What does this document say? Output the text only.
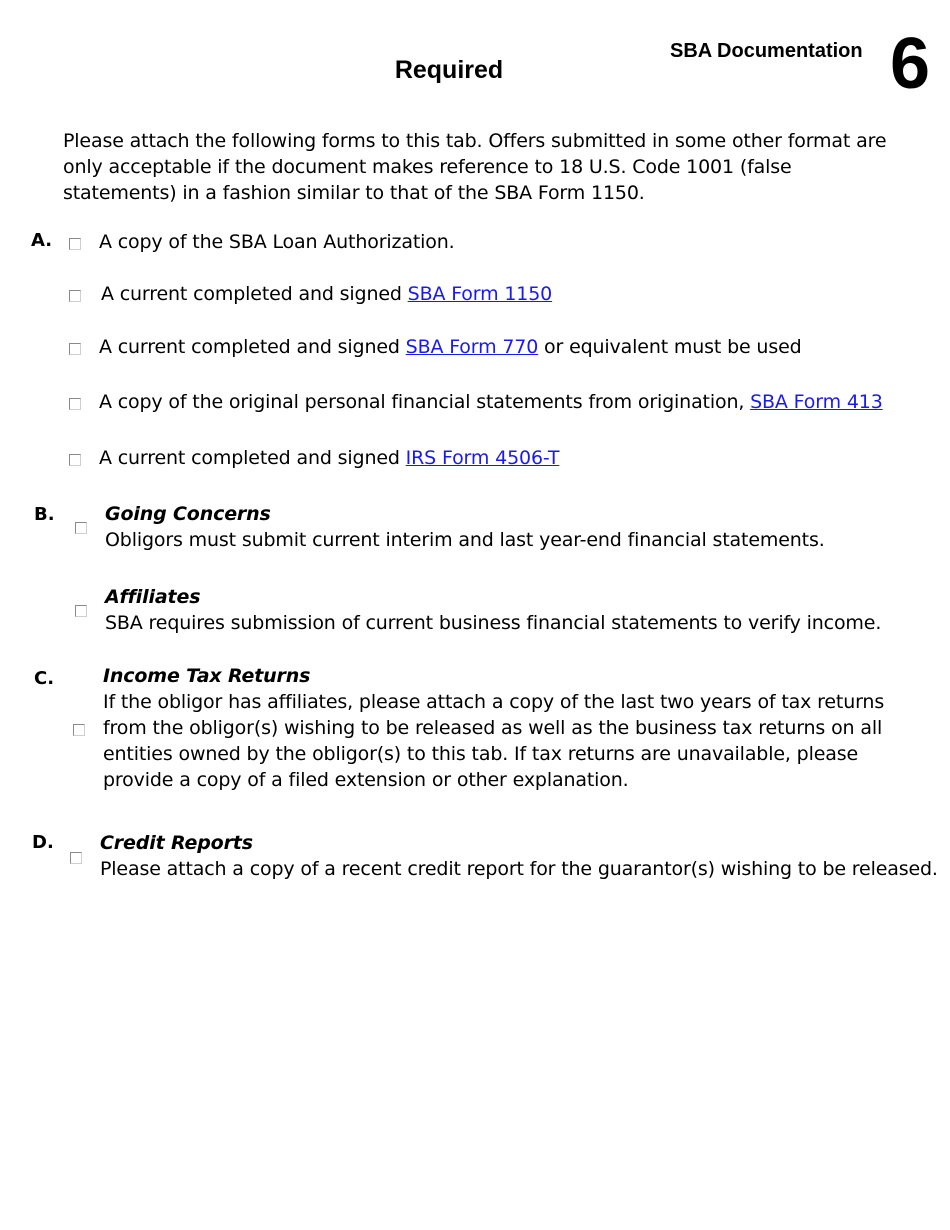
Required
SBA Documentation 6
Please attach the following forms to this tab. Offers submitted in some other format are only acceptable if the document makes reference to 18 U.S. Code 1001 (false statements) in a fashion similar to that of the SBA Form 1150.
A. A copy of the SBA Loan Authorization.
A current completed and signed SBA Form 1150
A current completed and signed SBA Form 770 or equivalent must be used
A copy of the original personal financial statements from origination, SBA Form 413
A current completed and signed IRS Form 4506-T
B.	Going Concerns
Obligors must submit current interim and last year-end financial statements.
Affiliates
SBA requires submission of current business financial statements to verify income.
C.	Income Tax Returns
If the obligor has affiliates, please attach a copy of the last two years of tax returns from the obligor(s) wishing to be released as well as the business tax returns on all entities owned by the obligor(s) to this tab. If tax returns are unavailable, please provide a copy of a filed extension or other explanation.
D. Credit Reports
Please attach a copy of a recent credit report for the guarantor(s) wishing to be released.
